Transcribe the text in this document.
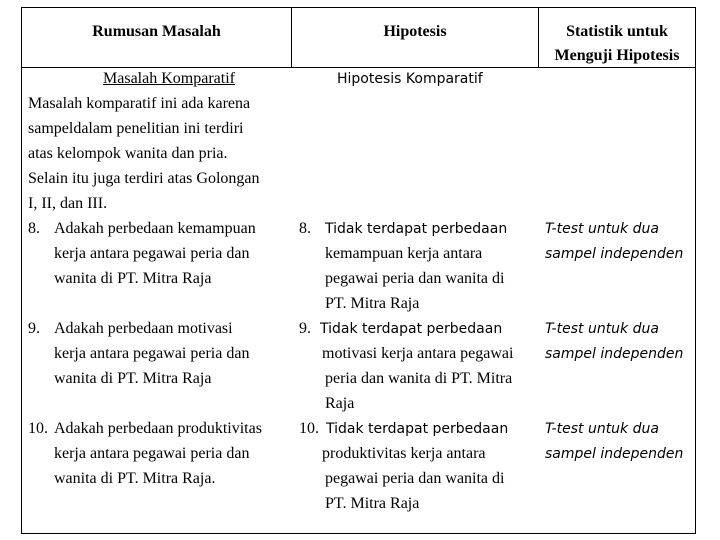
Rumusan Masalah	Hipotesis	Statistik untuk
Menguji Hipotesis
Masalah Komparatif
Masalah komparatif ini ada karena
sampeldalam penelitian ini terdiri
atas kelompok wanita dan pria.
Selain itu juga terdiri atas Golongan
I, II, dan III.
8. Adakah perbedaan kemampuan
kerja antara pegawai peria dan
wanita di PT. Mitra Raja
9. Adakah perbedaan motivasi
kerja antara pegawai peria dan
wanita di PT. Mitra Raja
10. Adakah perbedaan produktivitas
kerja antara pegawai peria dan
wanita di PT. Mitra Raja.
Hipotesis Komparatif
8. Tidak terdapat perbedaan
kemampuan kerja antara
pegawai peria dan wanita di
PT. Mitra Raja
9. Tidak terdapat perbedaan
motivasi kerja antara pegawai
peria dan wanita di PT. Mitra
Raja
10. Tidak terdapat perbedaan
produktivitas kerja antara
pegawai peria dan wanita di
PT. Mitra Raja
T-test untuk dua
sampel independen
T-test untuk dua
sampel independen
T-test untuk dua
sampel independen
